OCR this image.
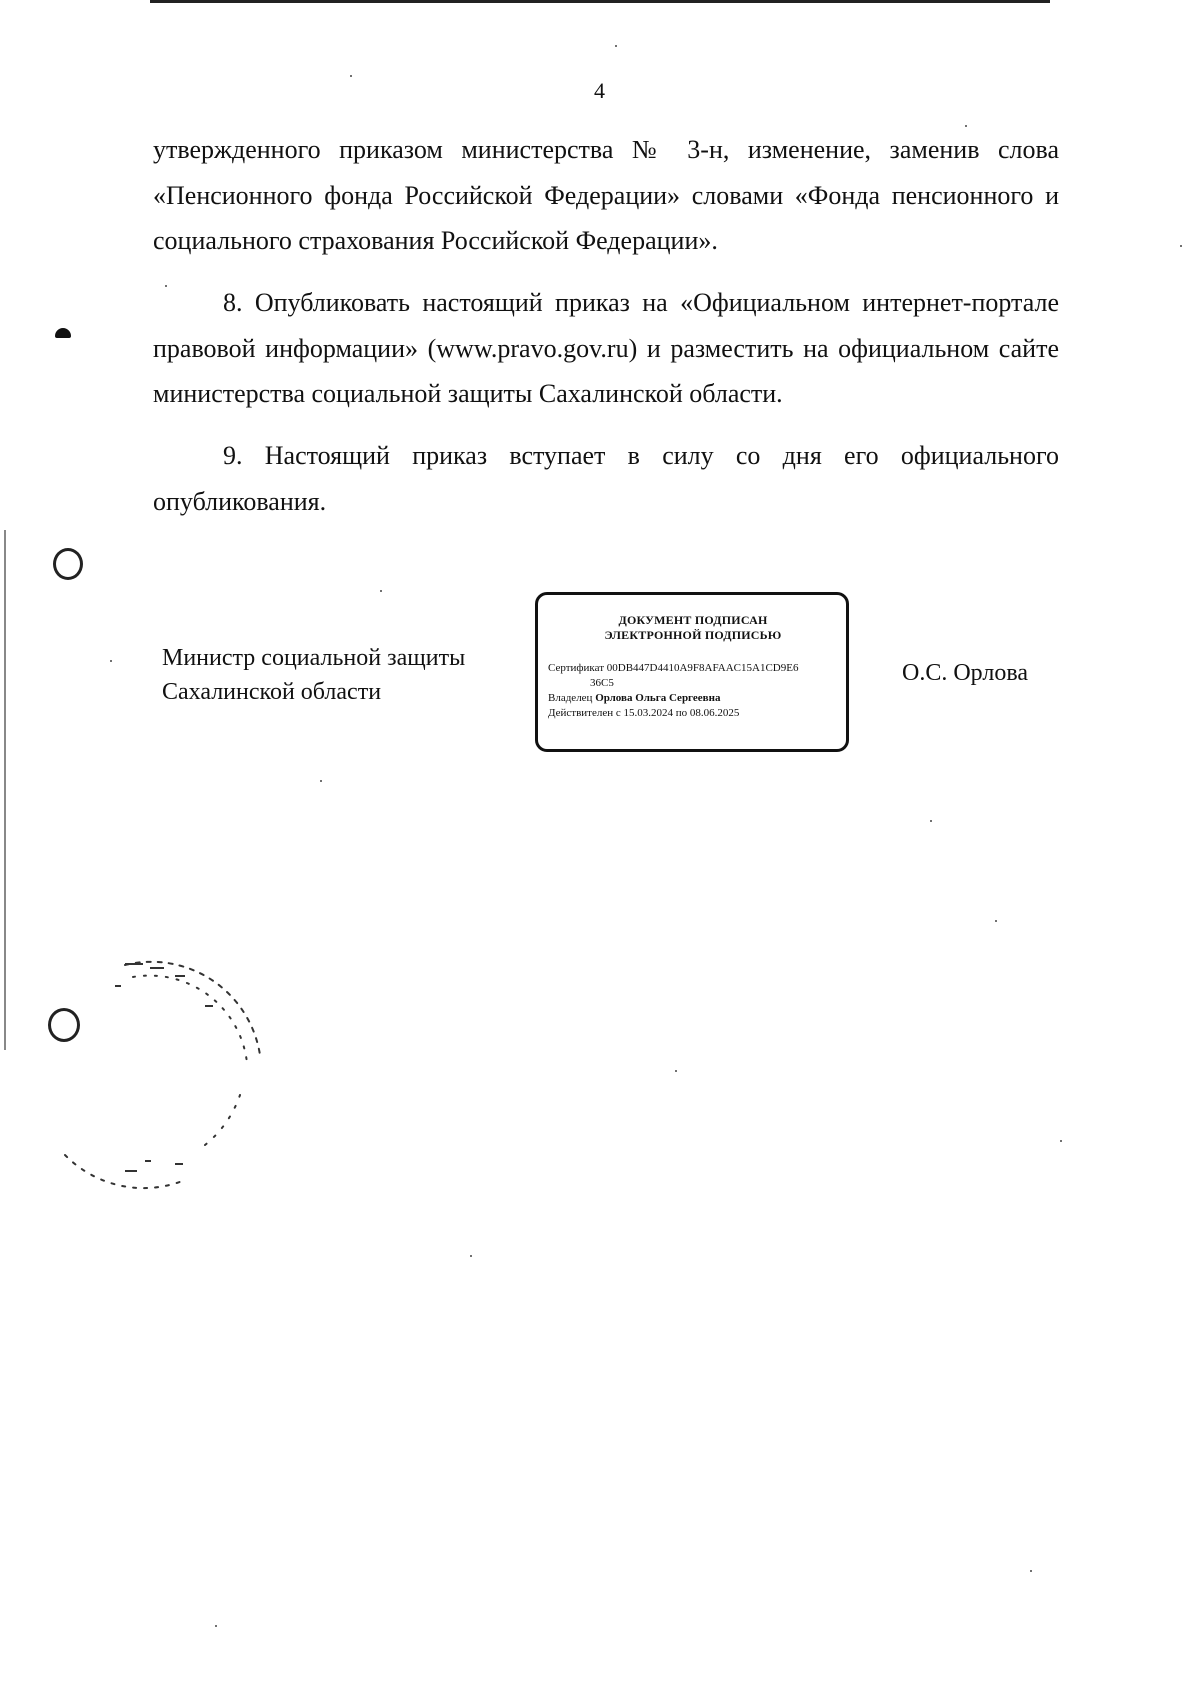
4
утвержденного приказом министерства № 3-н, изменение, заменив слова «Пенсионного фонда Российской Федерации» словами «Фонда пенсионного и социального страхования Российской Федерации».
8. Опубликовать настоящий приказ на «Официальном интернет-портале правовой информации» (www.pravo.gov.ru) и разместить на официальном сайте министерства социальной защиты Сахалинской области.
9. Настоящий приказ вступает в силу со дня его официального опубликования.
Министр социальной защиты
Сахалинской области
ДОКУМЕНТ ПОДПИСАН
ЭЛЕКТРОННОЙ ПОДПИСЬЮ
Сертификат 00DB447D4410A9F8AFAAC15A1CD9E6
36C5
Владелец Орлова Ольга Сергеевна
Действителен с 15.03.2024 по 08.06.2025
О.С. Орлова
